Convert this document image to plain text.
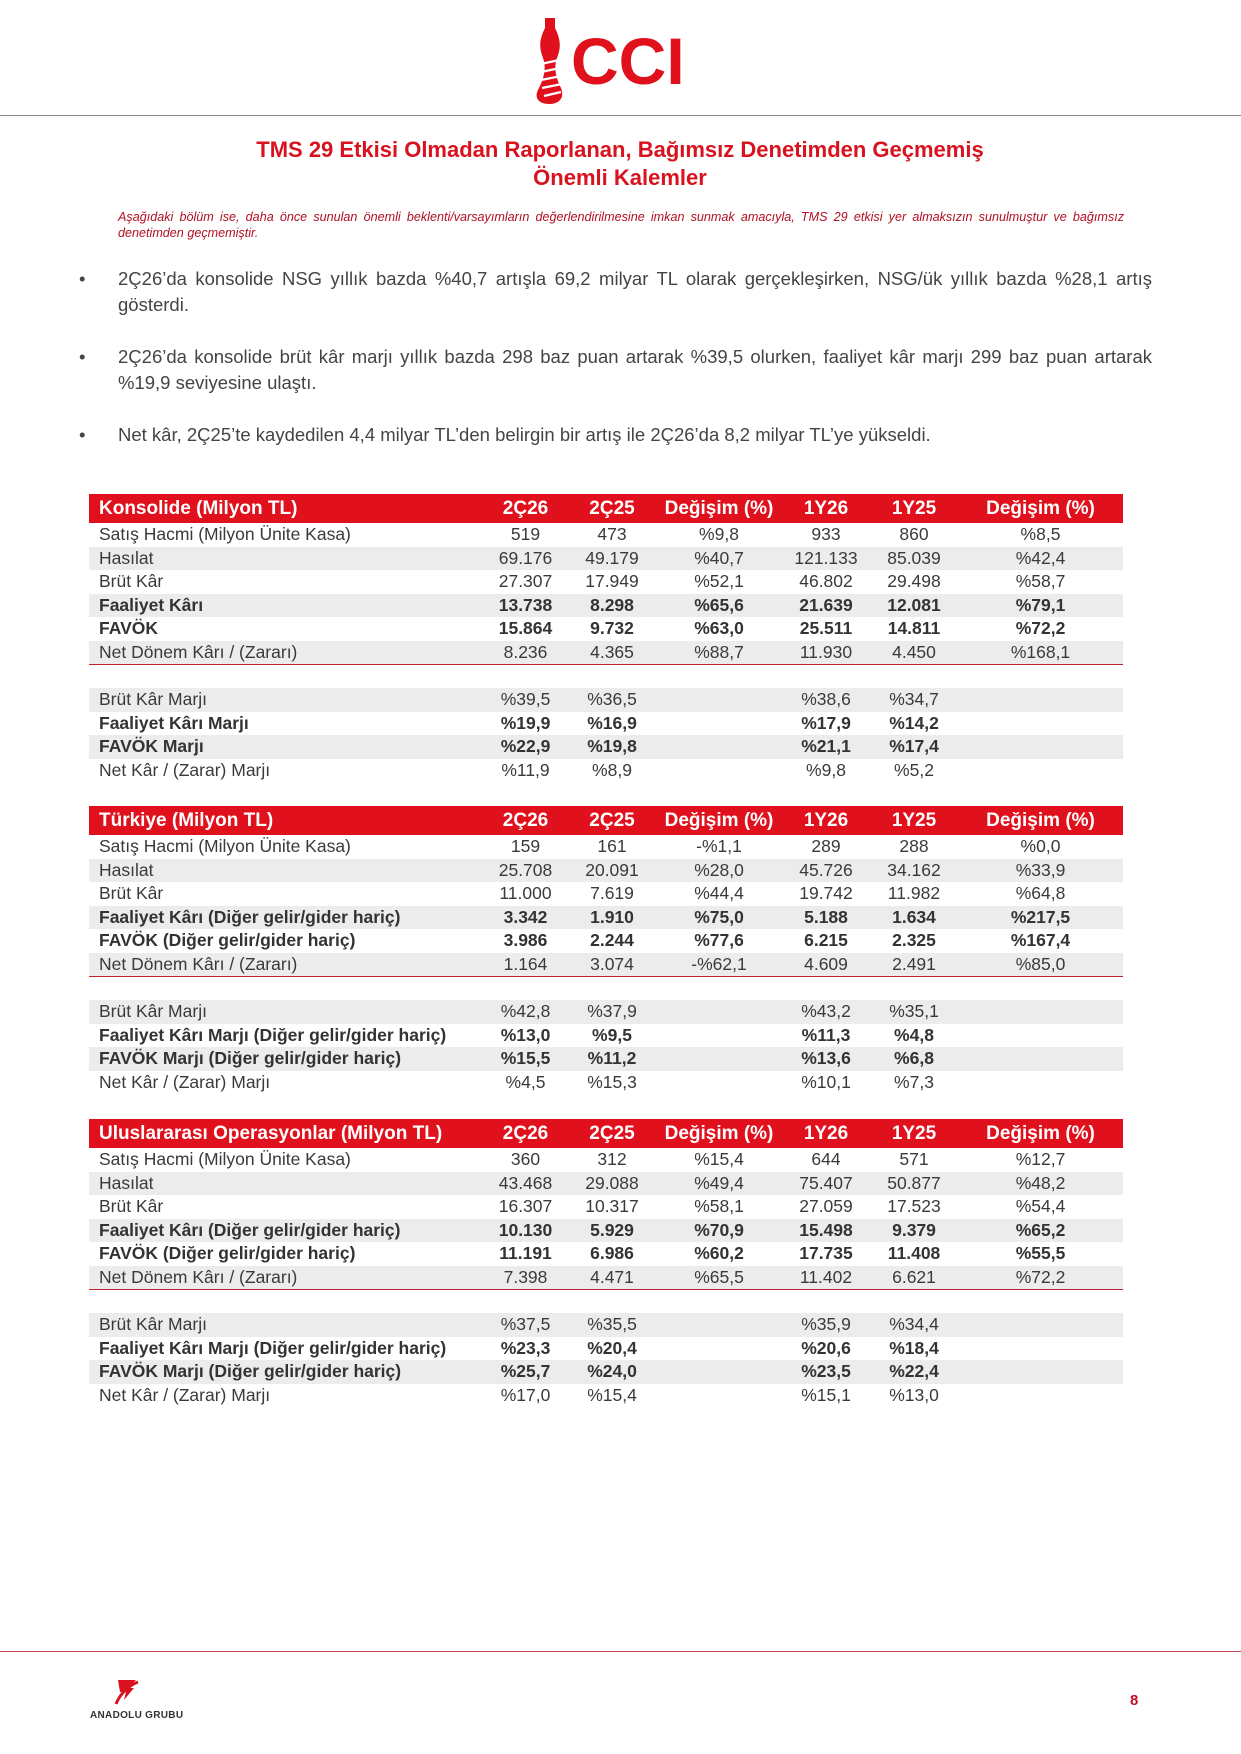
CCI
TMS 29 Etkisi Olmadan Raporlanan, Bağımsız Denetimden Geçmemiş
Önemli Kalemler
Aşağıdaki bölüm ise, daha önce sunulan önemli beklenti/varsayımların değerlendirilmesine imkan sunmak amacıyla, TMS 29 etkisi yer almaksızın sunulmuştur ve bağımsız denetimden geçmemiştir.
• 2Ç26’da konsolide NSG yıllık bazda %40,7 artışla 69,2 milyar TL olarak gerçekleşirken, NSG/ük yıllık bazda %28,1 artış gösterdi.
• 2Ç26’da konsolide brüt kâr marjı yıllık bazda 298 baz puan artarak %39,5 olurken, faaliyet kâr marjı 299 baz puan artarak %19,9 seviyesine ulaştı.
• Net kâr, 2Ç25’te kaydedilen 4,4 milyar TL’den belirgin bir artış ile 2Ç26’da 8,2 milyar TL’ye yükseldi.
Konsolide (Milyon TL)	2Ç26	2Ç25	Değişim (%)	1Y26	1Y25	Değişim (%)
Satış Hacmi (Milyon Ünite Kasa)	519	473	%9,8	933	860	%8,5
Hasılat	69.176	49.179	%40,7	121.133	85.039	%42,4
Brüt Kâr	27.307	17.949	%52,1	46.802	29.498	%58,7
Faaliyet Kârı	13.738	8.298	%65,6	21.639	12.081	%79,1
FAVÖK	15.864	9.732	%63,0	25.511	14.811	%72,2
Net Dönem Kârı / (Zararı)	8.236	4.365	%88,7	11.930	4.450	%168,1

Brüt Kâr Marjı	%39,5	%36,5		%38,6	%34,7	
Faaliyet Kârı Marjı	%19,9	%16,9		%17,9	%14,2	
FAVÖK Marjı	%22,9	%19,8		%21,1	%17,4	
Net Kâr / (Zarar) Marjı	%11,9	%8,9		%9,8	%5,2	
Türkiye (Milyon TL)	2Ç26	2Ç25	Değişim (%)	1Y26	1Y25	Değişim (%)
Satış Hacmi (Milyon Ünite Kasa)	159	161	-%1,1	289	288	%0,0
Hasılat	25.708	20.091	%28,0	45.726	34.162	%33,9
Brüt Kâr	11.000	7.619	%44,4	19.742	11.982	%64,8
Faaliyet Kârı (Diğer gelir/gider hariç)	3.342	1.910	%75,0	5.188	1.634	%217,5
FAVÖK (Diğer gelir/gider hariç)	3.986	2.244	%77,6	6.215	2.325	%167,4
Net Dönem Kârı / (Zararı)	1.164	3.074	-%62,1	4.609	2.491	%85,0

Brüt Kâr Marjı	%42,8	%37,9		%43,2	%35,1	
Faaliyet Kârı Marjı (Diğer gelir/gider hariç)	%13,0	%9,5		%11,3	%4,8	
FAVÖK Marjı (Diğer gelir/gider hariç)	%15,5	%11,2		%13,6	%6,8	
Net Kâr / (Zarar) Marjı	%4,5	%15,3		%10,1	%7,3	
Uluslararası Operasyonlar (Milyon TL)	2Ç26	2Ç25	Değişim (%)	1Y26	1Y25	Değişim (%)
Satış Hacmi (Milyon Ünite Kasa)	360	312	%15,4	644	571	%12,7
Hasılat	43.468	29.088	%49,4	75.407	50.877	%48,2
Brüt Kâr	16.307	10.317	%58,1	27.059	17.523	%54,4
Faaliyet Kârı (Diğer gelir/gider hariç)	10.130	5.929	%70,9	15.498	9.379	%65,2
FAVÖK (Diğer gelir/gider hariç)	11.191	6.986	%60,2	17.735	11.408	%55,5
Net Dönem Kârı / (Zararı)	7.398	4.471	%65,5	11.402	6.621	%72,2

Brüt Kâr Marjı	%37,5	%35,5		%35,9	%34,4	
Faaliyet Kârı Marjı (Diğer gelir/gider hariç)	%23,3	%20,4		%20,6	%18,4	
FAVÖK Marjı (Diğer gelir/gider hariç)	%25,7	%24,0		%23,5	%22,4	
Net Kâr / (Zarar) Marjı	%17,0	%15,4		%15,1	%13,0	
ANADOLU GRUBU
8
